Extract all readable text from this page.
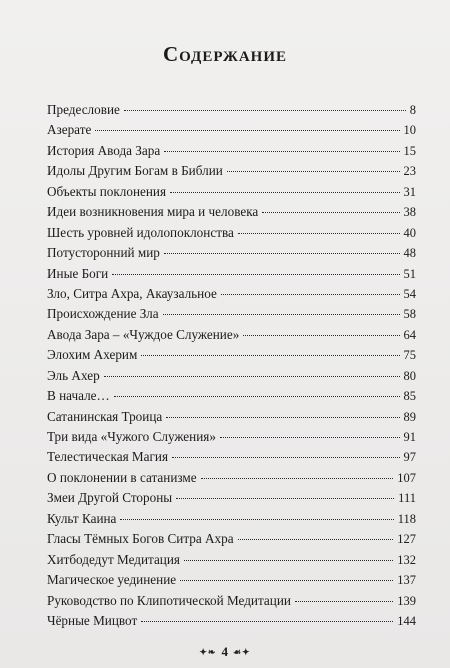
Содержание
Предесловие	8
Азерате	10
История Авода Зара	15
Идолы Другим Богам в Библии	23
Объекты поклонения	31
Идеи возникновения мира и человека	38
Шесть уровней идолопоклонства	40
Потусторонний мир	48
Иные Боги	51
Зло, Ситра Ахра, Акаузальное	54
Происхождение Зла	58
Авода Зара – «Чуждое Служение»	64
Элохим Ахерим	75
Эль Ахер	80
В начале…	85
Сатанинская Троица	89
Три вида «Чужого Служения»	91
Телестическая Магия	97
О поклонении в сатанизме	107
Змеи Другой Стороны	111
Культ Каина	118
Гласы Тёмных Богов Ситра Ахра	127
Хитбодедут Медитация	132
Магическое уединение	137
Руководство по Клипотической Медитации	139
Чёрные Мицвот	144
✦❧ 4 ☙✦
